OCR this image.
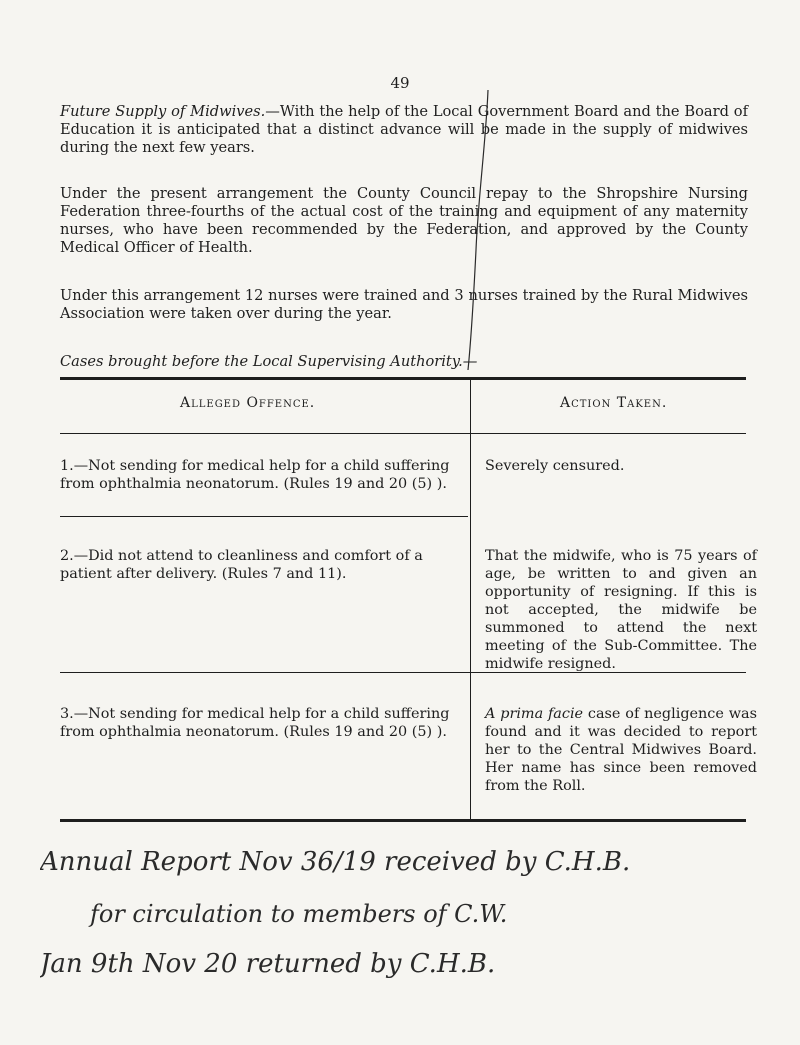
49

Future Supply of Midwives.—With the help of the Local Government Board and the Board of Education it is anticipated that a distinct advance will be made in the supply of midwives during the next few years.

Under the present arrangement the County Council repay to the Shropshire Nursing Federation three-fourths of the actual cost of the training and equipment of any maternity nurses, who have been recommended by the Federation, and approved by the County Medical Officer of Health.

Under this arrangement 12 nurses were trained and 3 nurses trained by the Rural Midwives Association were taken over during the year.

Cases brought before the Local Supervising Authority.—

Alleged Offence.	Action Taken.

1.—Not sending for medical help for a child suffering from ophthalmia neonatorum. (Rules 19 and 20 (5) ).

Severely censured.

2.—Did not attend to cleanliness and comfort of a patient after delivery. (Rules 7 and 11).

That the midwife, who is 75 years of age, be written to and given an opportunity of resigning. If this is not accepted, the midwife be summoned to attend the next meeting of the Sub-Committee. The midwife resigned.

3.—Not sending for medical help for a child suffering from ophthalmia neonatorum. (Rules 19 and 20 (5) ).

A prima facie case of negligence was found and it was decided to report her to the Central Midwives Board. Her name has since been removed from the Roll.

Annual Report Nov 36/19 received by C.H.B.
for circulation to members of C.W.
Jan 9th Nov 20 returned by C.H.B.
